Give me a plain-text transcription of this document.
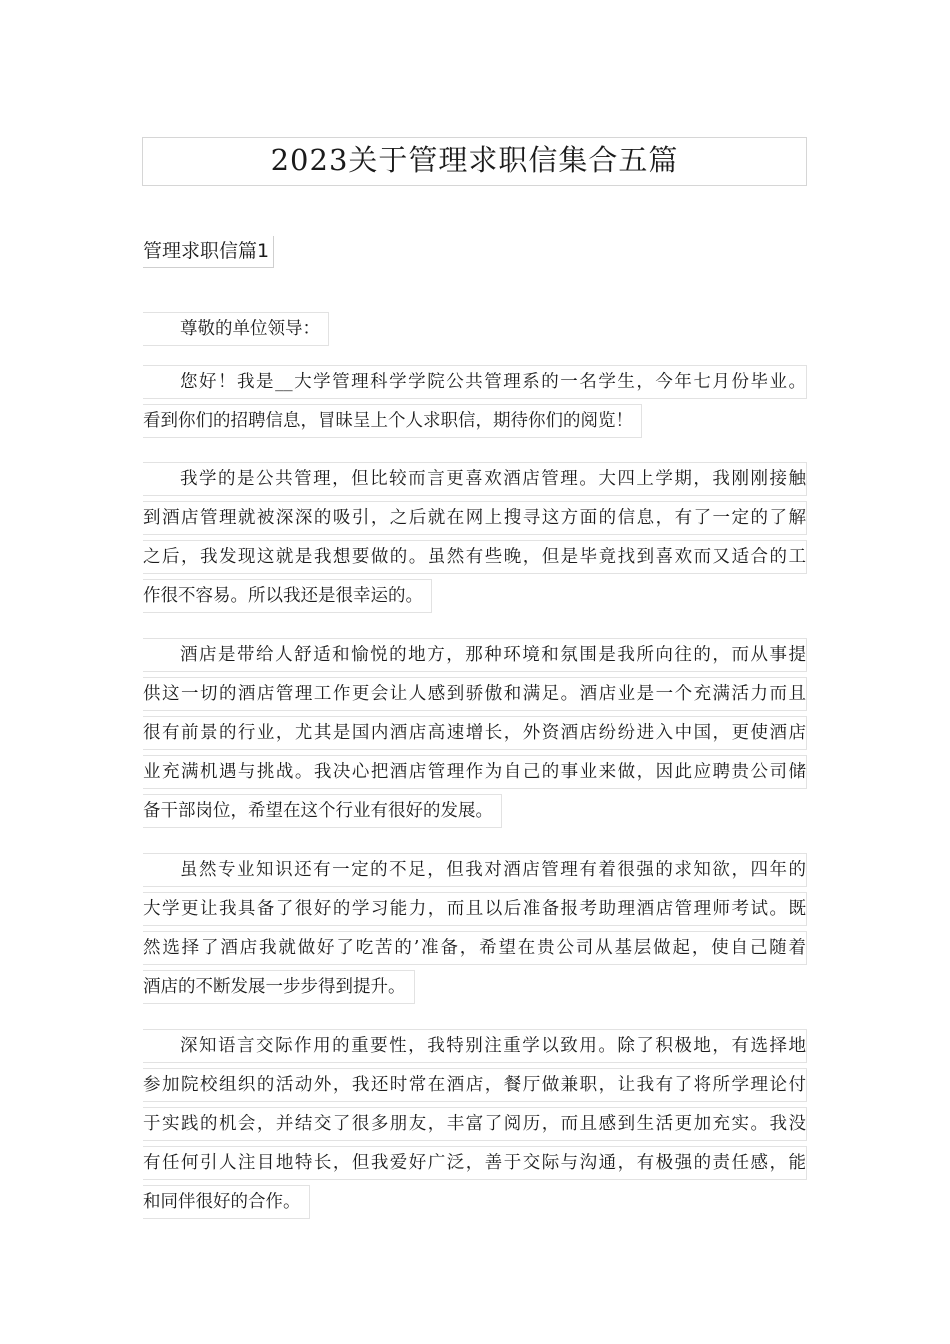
2023关于管理求职信集合五篇
管理求职信篇1
尊敬的单位领导：

您好！我是__大学管理科学学院公共管理系的一名学生，今年七月份毕业。
看到你们的招聘信息，冒昧呈上个人求职信，期待你们的阅览！

我学的是公共管理，但比较而言更喜欢酒店管理。大四上学期，我刚刚接触
到酒店管理就被深深的吸引，之后就在网上搜寻这方面的信息，有了一定的了解
之后，我发现这就是我想要做的。虽然有些晚，但是毕竟找到喜欢而又适合的工
作很不容易。所以我还是很幸运的。

酒店是带给人舒适和愉悦的地方，那种环境和氛围是我所向往的，而从事提
供这一切的酒店管理工作更会让人感到骄傲和满足。酒店业是一个充满活力而且
很有前景的行业，尤其是国内酒店高速增长，外资酒店纷纷进入中国，更使酒店
业充满机遇与挑战。我决心把酒店管理作为自己的事业来做，因此应聘贵公司储
备干部岗位，希望在这个行业有很好的发展。

虽然专业知识还有一定的不足，但我对酒店管理有着很强的求知欲，四年的
大学更让我具备了很好的学习能力，而且以后准备报考助理酒店管理师考试。既
然选择了酒店我就做好了吃苦的’准备，希望在贵公司从基层做起，使自己随着
酒店的不断发展一步步得到提升。

深知语言交际作用的重要性，我特别注重学以致用。除了积极地，有选择地
参加院校组织的活动外，我还时常在酒店，餐厅做兼职，让我有了将所学理论付
于实践的机会，并结交了很多朋友，丰富了阅历，而且感到生活更加充实。我没
有任何引人注目地特长，但我爱好广泛，善于交际与沟通，有极强的责任感，能
和同伴很好的合作。
